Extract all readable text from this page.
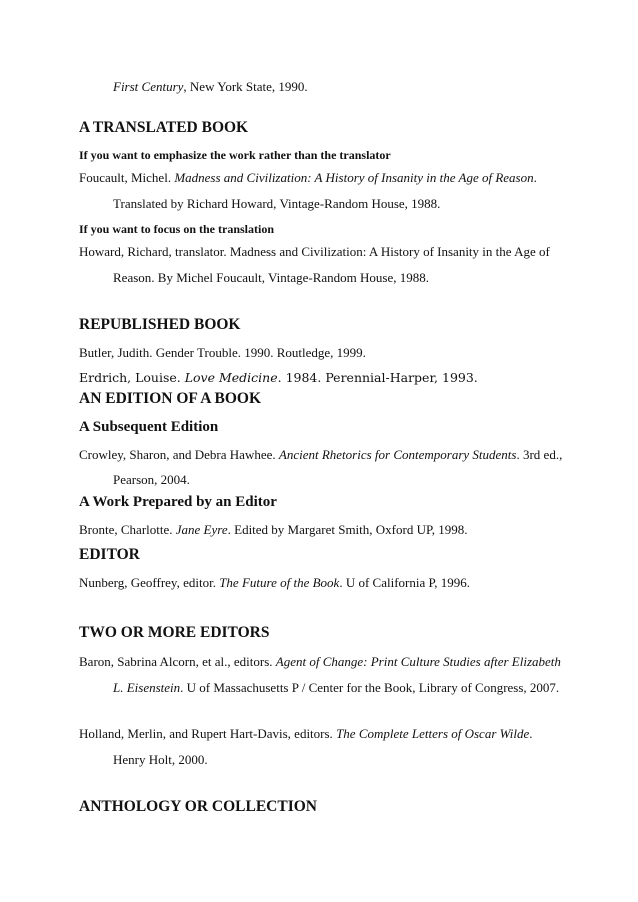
First Century, New York State, 1990.
A TRANSLATED BOOK
If you want to emphasize the work rather than the translator
Foucault, Michel. Madness and Civilization: A History of Insanity in the Age of Reason.
Translated by Richard Howard, Vintage-Random House, 1988.
If you want to focus on the translation
Howard, Richard, translator. Madness and Civilization: A History of Insanity in the Age of
Reason. By Michel Foucault, Vintage-Random House, 1988.
REPUBLISHED BOOK
Butler, Judith. Gender Trouble. 1990. Routledge, 1999.
Erdrich, Louise. Love Medicine. 1984. Perennial-Harper, 1993.
AN EDITION OF A BOOK
A Subsequent Edition
Crowley, Sharon, and Debra Hawhee. Ancient Rhetorics for Contemporary Students. 3rd ed.,
Pearson, 2004.
A Work Prepared by an Editor
Bronte, Charlotte. Jane Eyre. Edited by Margaret Smith, Oxford UP, 1998.
EDITOR
Nunberg, Geoffrey, editor. The Future of the Book. U of California P, 1996.
TWO OR MORE EDITORS
Baron, Sabrina Alcorn, et al., editors. Agent of Change: Print Culture Studies after Elizabeth
L. Eisenstein. U of Massachusetts P / Center for the Book, Library of Congress, 2007.
Holland, Merlin, and Rupert Hart-Davis, editors. The Complete Letters of Oscar Wilde.
Henry Holt, 2000.
ANTHOLOGY OR COLLECTION
